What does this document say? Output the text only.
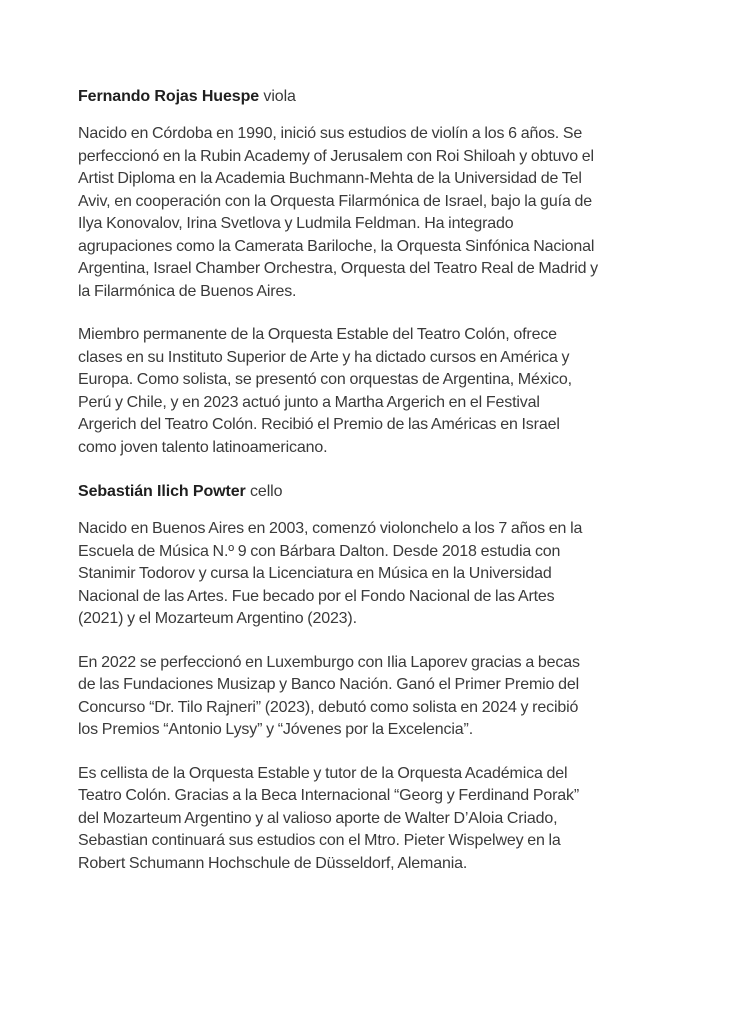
Fernando Rojas Huespe viola
Nacido en Córdoba en 1990, inició sus estudios de violín a los 6 años. Se
perfeccionó en la Rubin Academy of Jerusalem con Roi Shiloah y obtuvo el
Artist Diploma en la Academia Buchmann-Mehta de la Universidad de Tel
Aviv, en cooperación con la Orquesta Filarmónica de Israel, bajo la guía de
Ilya Konovalov, Irina Svetlova y Ludmila Feldman. Ha integrado
agrupaciones como la Camerata Bariloche, la Orquesta Sinfónica Nacional
Argentina, Israel Chamber Orchestra, Orquesta del Teatro Real de Madrid y
la Filarmónica de Buenos Aires.
Miembro permanente de la Orquesta Estable del Teatro Colón, ofrece
clases en su Instituto Superior de Arte y ha dictado cursos en América y
Europa. Como solista, se presentó con orquestas de Argentina, México,
Perú y Chile, y en 2023 actuó junto a Martha Argerich en el Festival
Argerich del Teatro Colón. Recibió el Premio de las Américas en Israel
como joven talento latinoamericano.
Sebastián Ilich Powter cello
Nacido en Buenos Aires en 2003, comenzó violonchelo a los 7 años en la
Escuela de Música N.º 9 con Bárbara Dalton. Desde 2018 estudia con
Stanimir Todorov y cursa la Licenciatura en Música en la Universidad
Nacional de las Artes. Fue becado por el Fondo Nacional de las Artes
(2021) y el Mozarteum Argentino (2023).
En 2022 se perfeccionó en Luxemburgo con Ilia Laporev gracias a becas
de las Fundaciones Musizap y Banco Nación. Ganó el Primer Premio del
Concurso “Dr. Tilo Rajneri” (2023), debutó como solista en 2024 y recibió
los Premios “Antonio Lysy” y “Jóvenes por la Excelencia”.
Es cellista de la Orquesta Estable y tutor de la Orquesta Académica del
Teatro Colón. Gracias a la Beca Internacional “Georg y Ferdinand Porak”
del Mozarteum Argentino y al valioso aporte de Walter D’Aloia Criado,
Sebastian continuará sus estudios con el Mtro. Pieter Wispelwey en la
Robert Schumann Hochschule de Düsseldorf, Alemania.
